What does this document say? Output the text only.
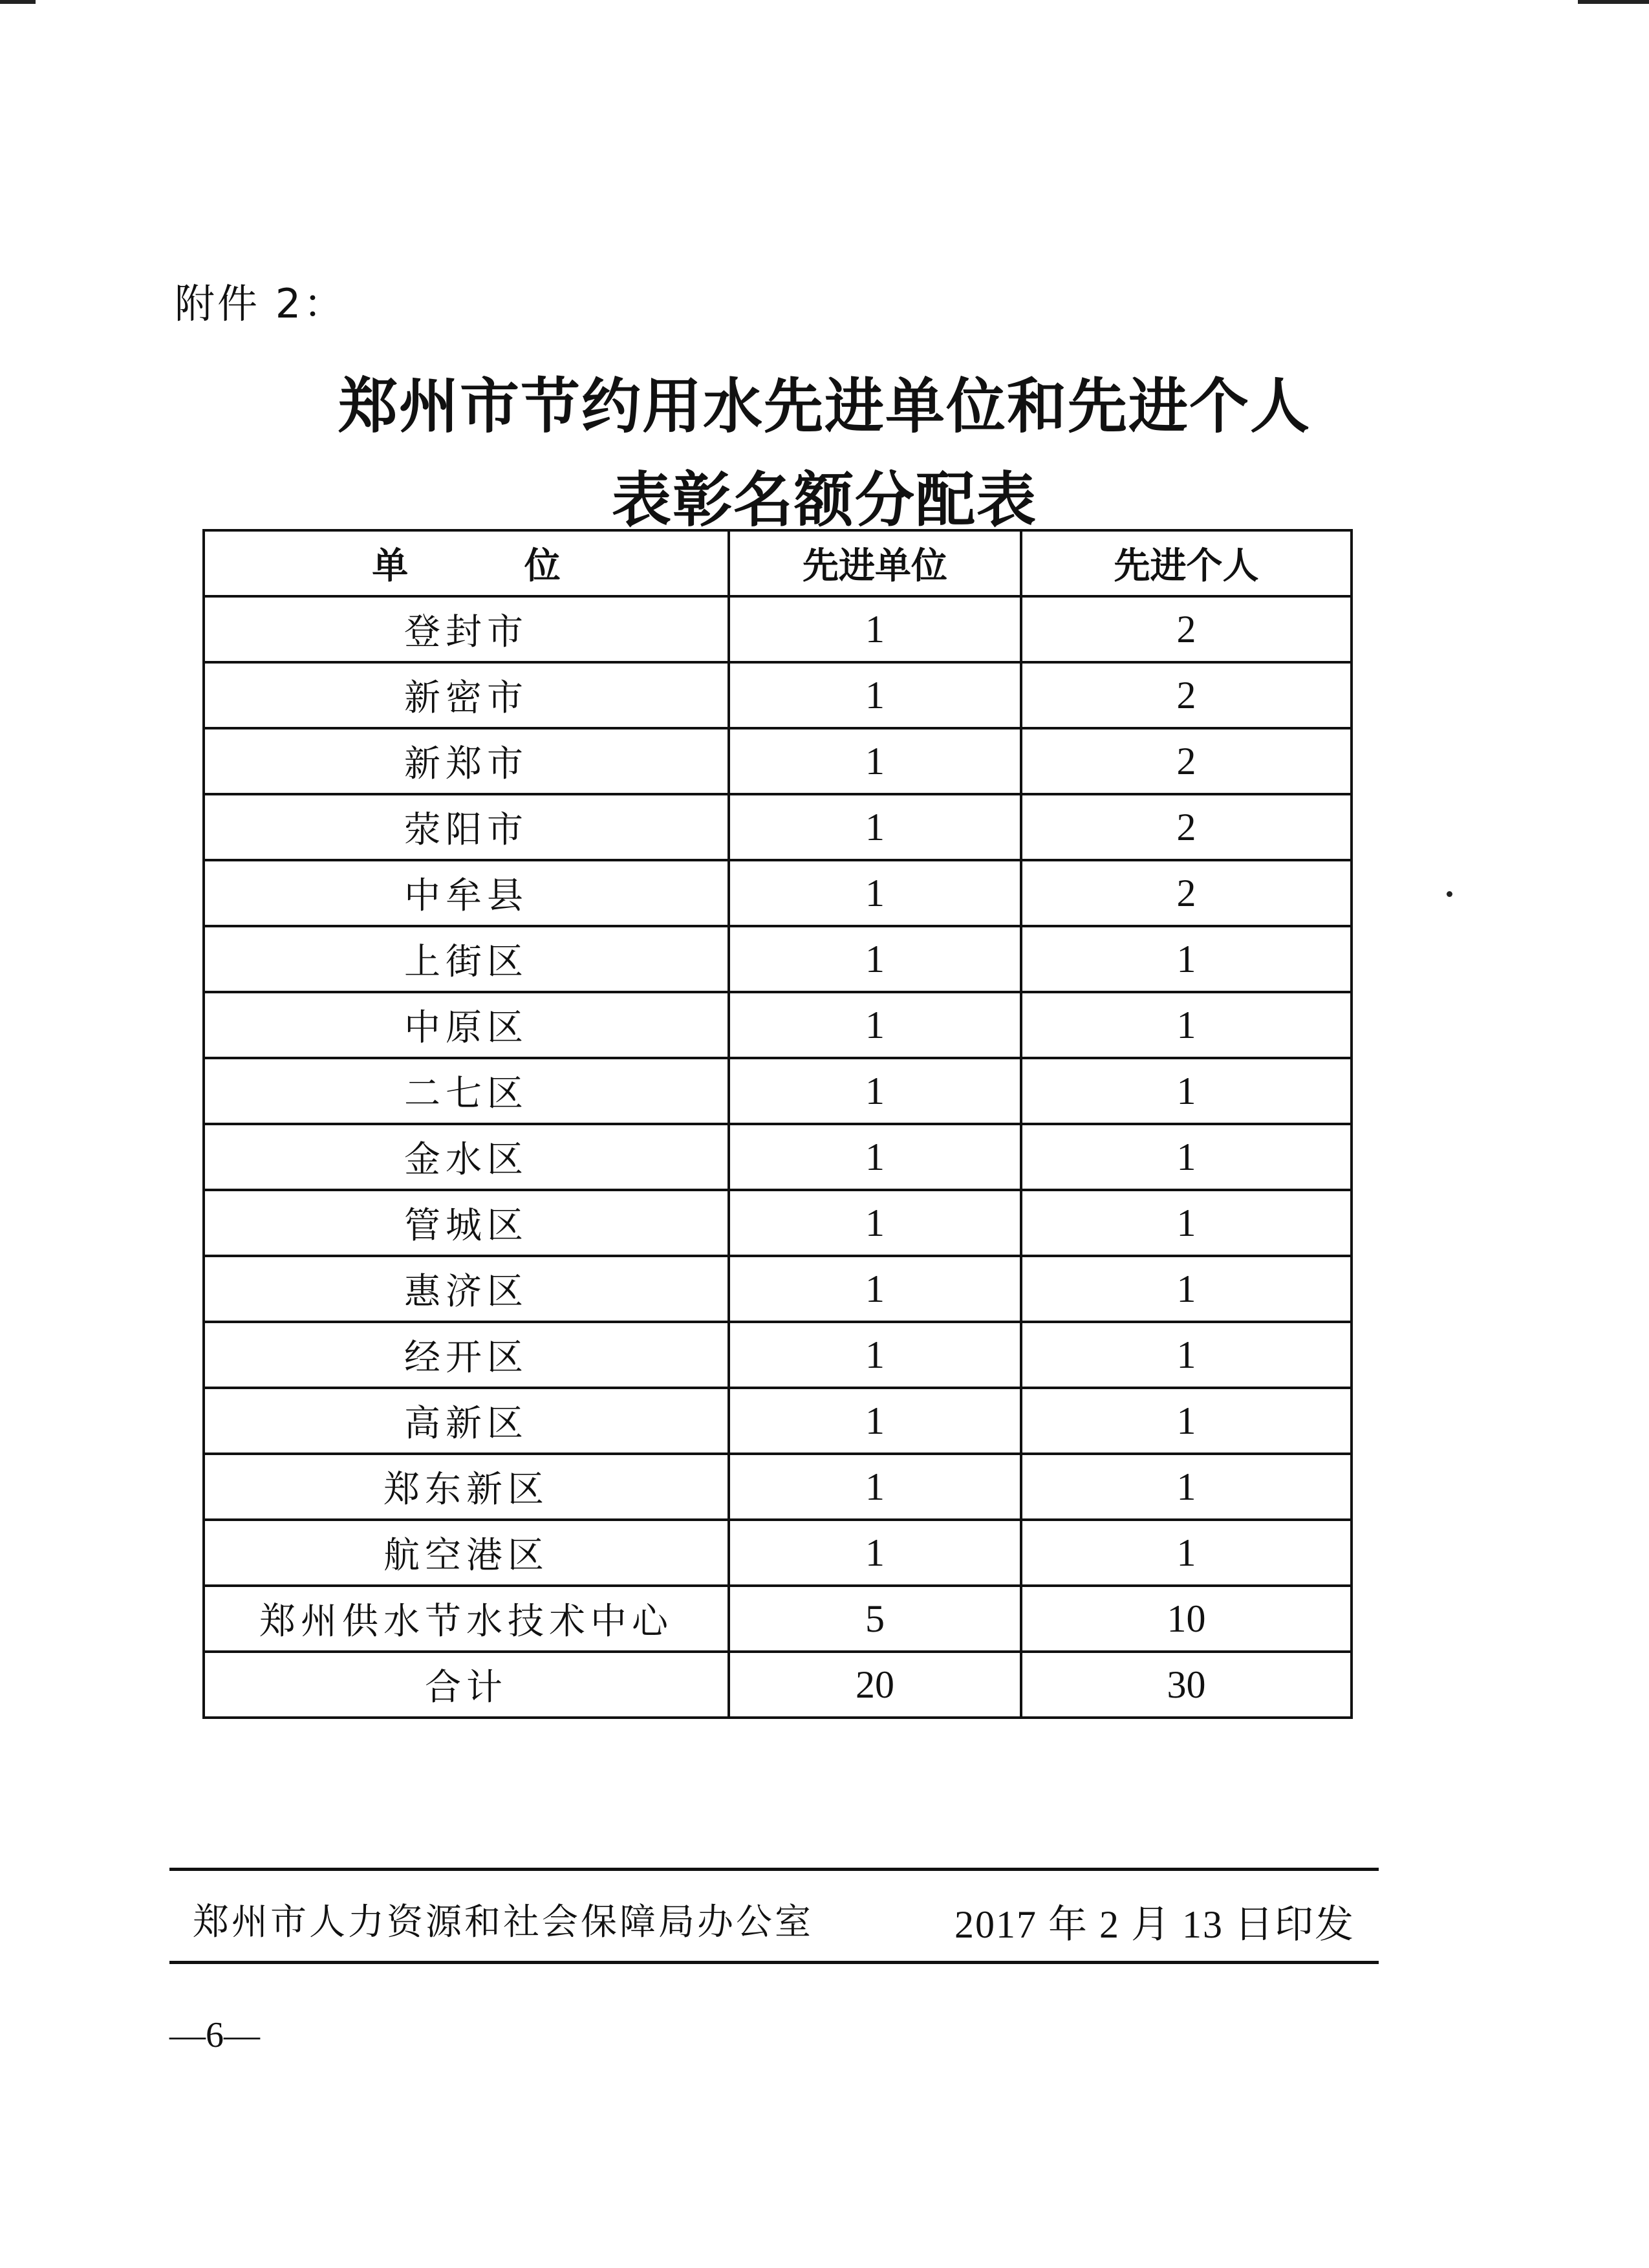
附件 2：
郑州市节约用水先进单位和先进个人
表彰名额分配表
单 位	先进单位	先进个人
登封市	1	2
新密市	1	2
新郑市	1	2
荥阳市	1	2
中牟县	1	2
上街区	1	1
中原区	1	1
二七区	1	1
金水区	1	1
管城区	1	1
惠济区	1	1
经开区	1	1
高新区	1	1
郑东新区	1	1
航空港区	1	1
郑州供水节水技术中心	5	10
合计	20	30
郑州市人力资源和社会保障局办公室	2017 年 2 月 13 日印发
—6—
